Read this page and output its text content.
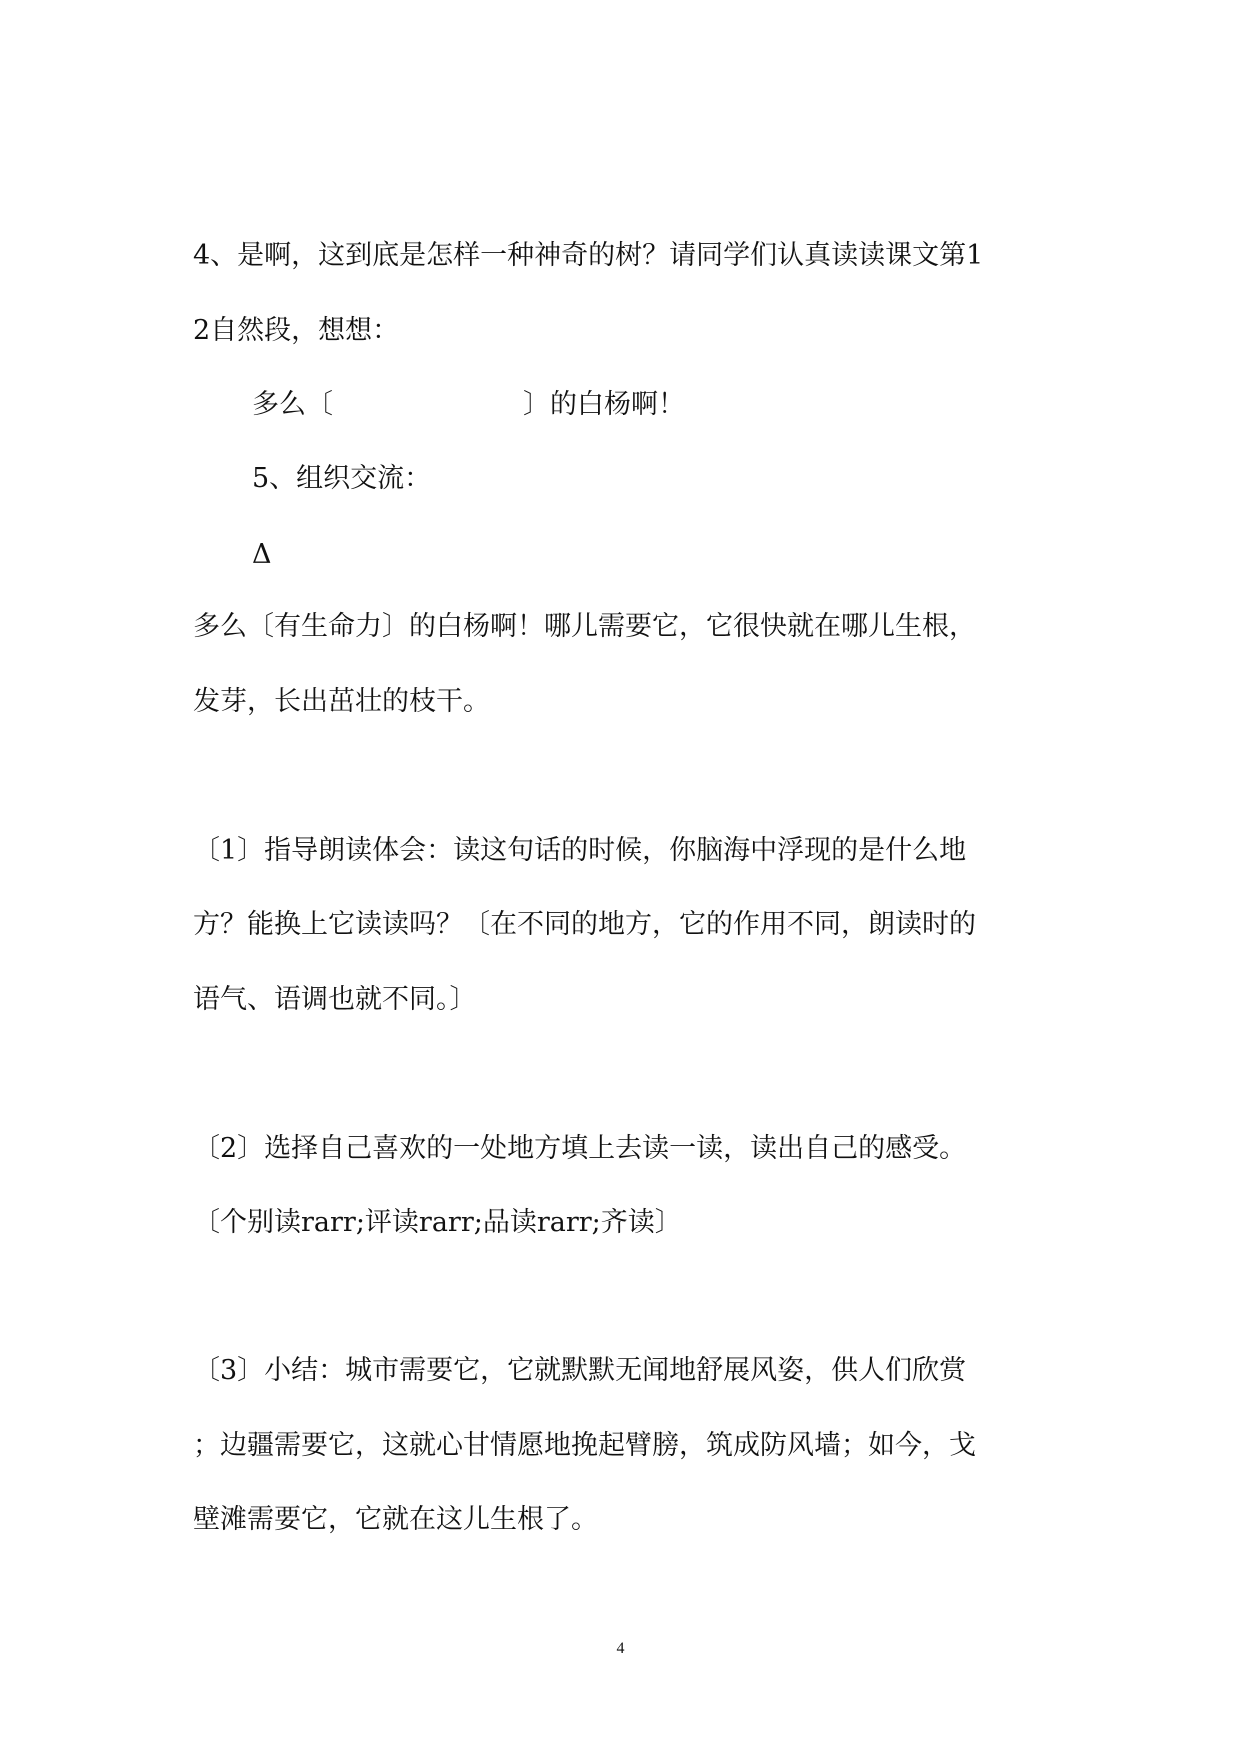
4、是啊，这到底是怎样一种神奇的树？请同学们认真读读课文第1
2自然段，想想：
多么〔	〕的白杨啊！
5、组织交流：
Δ
多么〔有生命力〕的白杨啊！哪儿需要它，它很快就在哪儿生根，
发芽，长出茁壮的枝干。
〔1〕指导朗读体会：读这句话的时候，你脑海中浮现的是什么地
方？能换上它读读吗？〔在不同的地方，它的作用不同，朗读时的
语气、语调也就不同。〕
〔2〕选择自己喜欢的一处地方填上去读一读，读出自己的感受。
〔个别读rarr;评读rarr;品读rarr;齐读〕
〔3〕小结：城市需要它，它就默默无闻地舒展风姿，供人们欣赏
；边疆需要它，这就心甘情愿地挽起臂膀，筑成防风墙；如今，戈
壁滩需要它，它就在这儿生根了。
4
